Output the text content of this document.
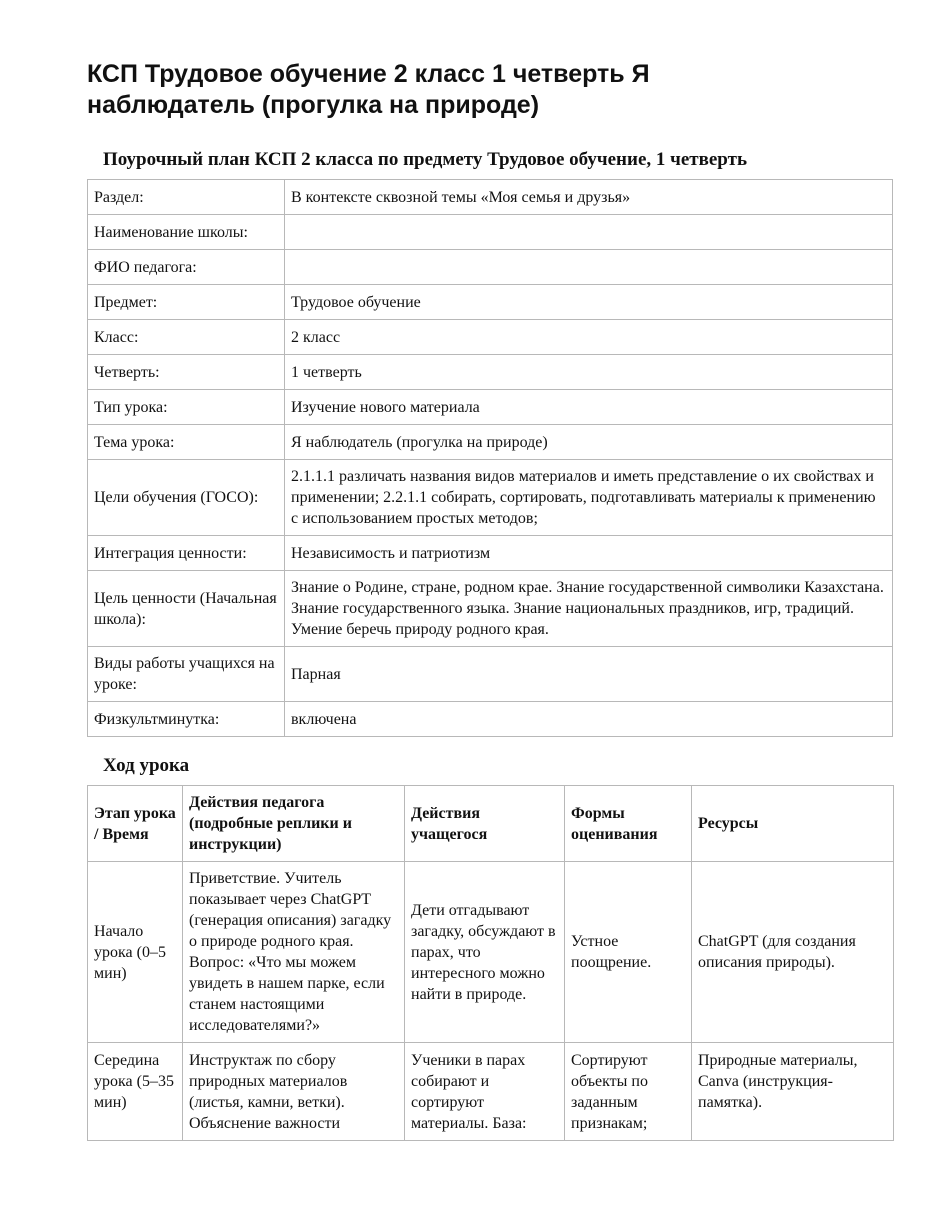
КСП Трудовое обучение 2 класс 1 четверть Я наблюдатель (прогулка на природе)
Поурочный план КСП 2 класса по предмету Трудовое обучение, 1 четверть
Раздел:	В контексте сквозной темы «Моя семья и друзья»
Наименование школы:	
ФИО педагога:	
Предмет:	Трудовое обучение
Класс:	2 класс
Четверть:	1 четверть
Тип урока:	Изучение нового материала
Тема урока:	Я наблюдатель (прогулка на природе)
Цели обучения (ГОСО):	2.1.1.1 различать названия видов материалов и иметь представление о их свойствах и применении; 2.2.1.1 собирать, сортировать, подготавливать материалы к применению с использованием простых методов;
Интеграция ценности:	Независимость и патриотизм
Цель ценности (Начальная школа):	Знание о Родине, стране, родном крае. Знание государственной символики Казахстана. Знание государственного языка. Знание национальных праздников, игр, традиций. Умение беречь природу родного края.
Виды работы учащихся на уроке:	Парная
Физкультминутка:	включена
Ход урока
Этап урока / Время	Действия педагога (подробные реплики и инструкции)	Действия учащегося	Формы оценивания	Ресурсы
Начало урока (0–5 мин)	Приветствие. Учитель показывает через ChatGPT (генерация описания) загадку о природе родного края. Вопрос: «Что мы можем увидеть в нашем парке, если станем настоящими исследователями?»	Дети отгадывают загадку, обсуждают в парах, что интересного можно найти в природе.	Устное поощрение.	ChatGPT (для создания описания природы).
Середина урока (5–35 мин)	Инструктаж по сбору природных материалов (листья, камни, ветки). Объяснение важности	Ученики в парах собирают и сортируют материалы. База:	Сортируют объекты по заданным признакам;	Природные материалы, Canva (инструкция-памятка).
